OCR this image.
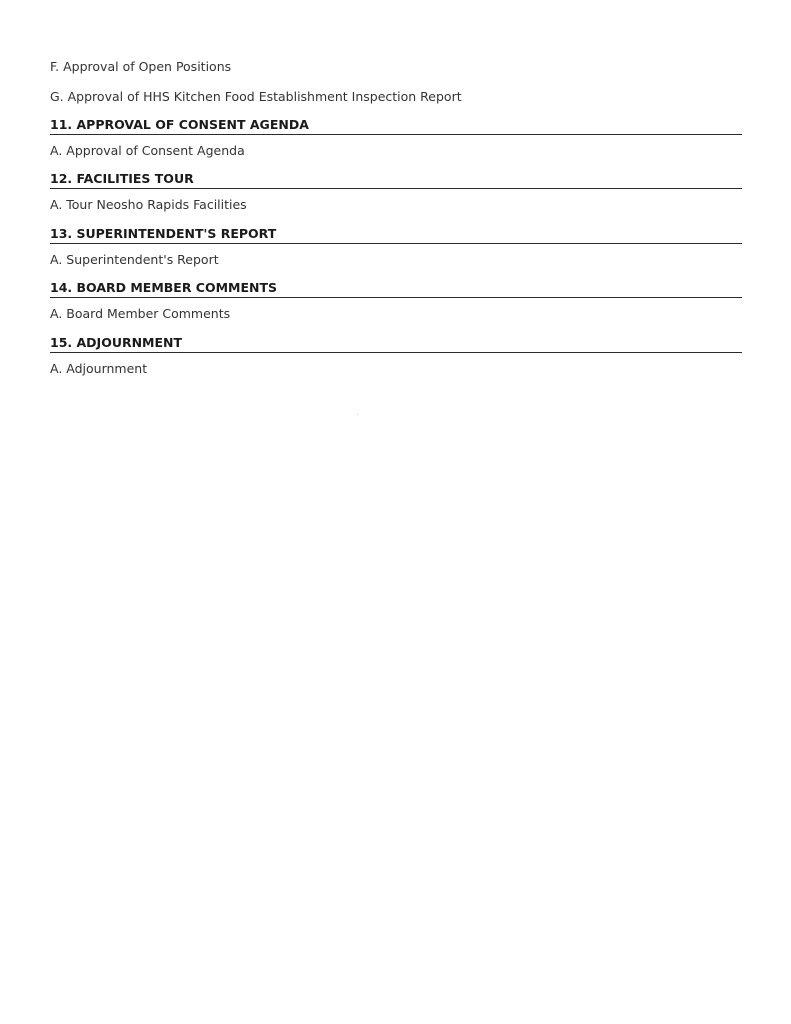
F. Approval of Open Positions
G. Approval of HHS Kitchen Food Establishment Inspection Report
11. APPROVAL OF CONSENT AGENDA
A. Approval of Consent Agenda
12. FACILITIES TOUR
A. Tour Neosho Rapids Facilities
13. SUPERINTENDENT'S REPORT
A. Superintendent's Report
14. BOARD MEMBER COMMENTS
A. Board Member Comments
15. ADJOURNMENT
A. Adjournment
